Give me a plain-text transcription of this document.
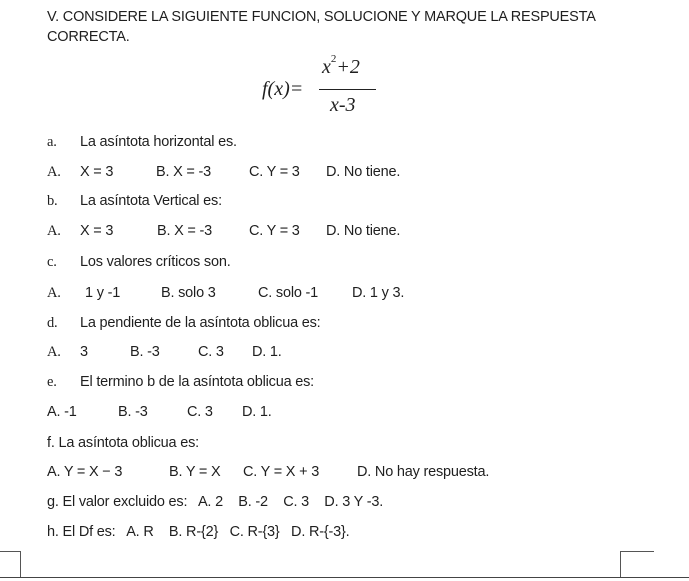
V. CONSIDERE LA SIGUIENTE FUNCION, SOLUCIONE Y MARQUE LA RESPUESTA
CORRECTA.
f(x)=
$x^2+2$
x-3
a. La asíntota horizontal es.
A. X = 3	B. X = -3	C. Y = 3 D. No tiene.
b. La asíntota Vertical es:
A. X = 3	B. X = -3	C. Y = 3 D. No tiene.
c. Los valores críticos son.
A. 1 y -1	B. solo 3	C. solo -1 D. 1 y 3.
d. La pendiente de la asíntota oblicua es:
A. 3	B. -3	C. 3 D. 1.
e. El termino b de la asíntota oblicua es:
A. -1	B. -3	C. 3 D. 1.
f. La asíntota oblicua es:
A. Y = X − 3	B. Y = X C. Y = X + 3	D. No hay respuesta.
g. El valor excluido es:   A. 2    B. -2    C. 3    D. 3 Y -3.
h. El Df es:   A. R    B. R-{2}   C. R-{3}   D. R-{-3}.
